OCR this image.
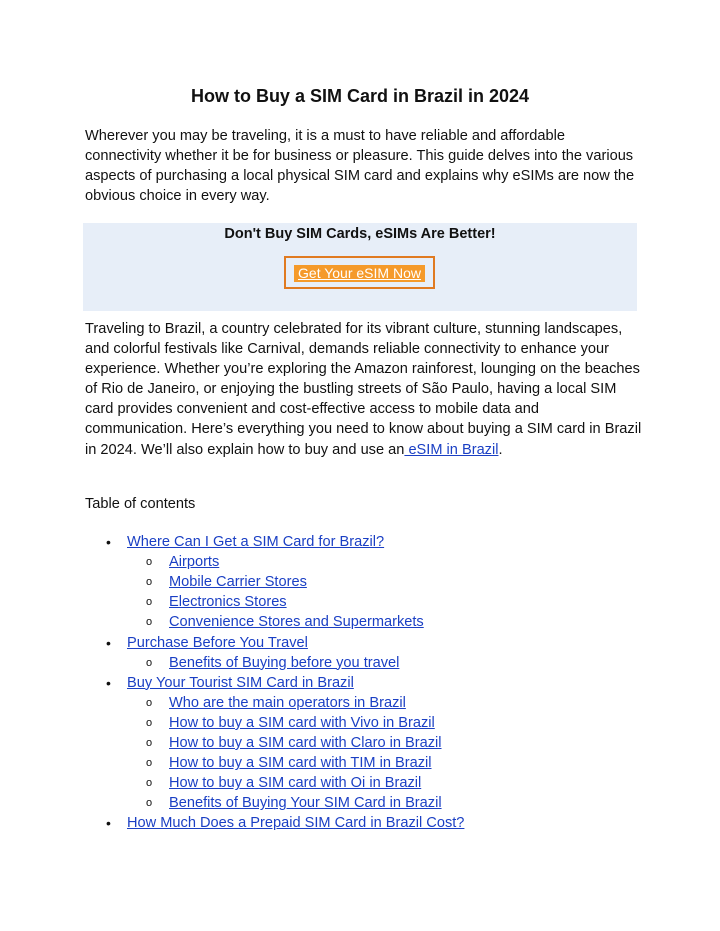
How to Buy a SIM Card in Brazil in 2024

Wherever you may be traveling, it is a must to have reliable and affordable connectivity whether it be for business or pleasure. This guide delves into the various aspects of purchasing a local physical SIM card and explains why eSIMs are now the obvious choice in every way.

Don't Buy SIM Cards, eSIMs Are Better!
Get Your eSIM Now

Traveling to Brazil, a country celebrated for its vibrant culture, stunning landscapes, and colorful festivals like Carnival, demands reliable connectivity to enhance your experience. Whether you’re exploring the Amazon rainforest, lounging on the beaches of Rio de Janeiro, or enjoying the bustling streets of São Paulo, having a local SIM card provides convenient and cost-effective access to mobile data and communication. Here’s everything you need to know about buying a SIM card in Brazil in 2024. We’ll also explain how to buy and use an eSIM in Brazil.

Table of contents
• Where Can I Get a SIM Card for Brazil?
o Airports
o Mobile Carrier Stores
o Electronics Stores
o Convenience Stores and Supermarkets
• Purchase Before You Travel
o Benefits of Buying before you travel
• Buy Your Tourist SIM Card in Brazil
o Who are the main operators in Brazil
o How to buy a SIM card with Vivo in Brazil
o How to buy a SIM card with Claro in Brazil
o How to buy a SIM card with TIM in Brazil
o How to buy a SIM card with Oi in Brazil
o Benefits of Buying Your SIM Card in Brazil
• How Much Does a Prepaid SIM Card in Brazil Cost?
